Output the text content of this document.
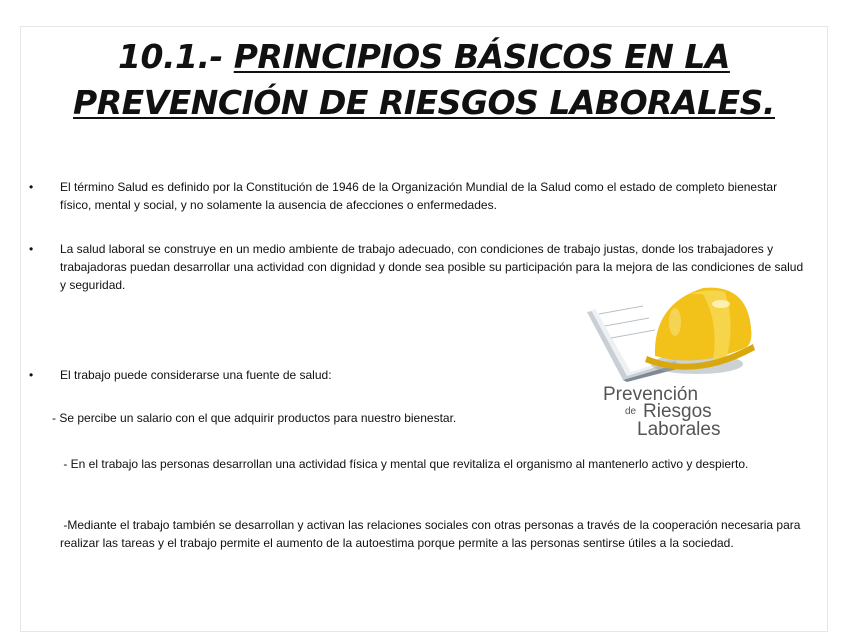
10.1.- PRINCIPIOS BÁSICOS EN LA
PREVENCIÓN DE RIESGOS LABORALES.
• El término Salud es definido por la Constitución de 1946 de la Organización Mundial de la Salud como el estado de completo bienestar físico, mental y social, y no solamente la ausencia de afecciones o enfermedades.

• La salud laboral se construye en un medio ambiente de trabajo adecuado, con condiciones de trabajo justas, donde los trabajadores y trabajadoras puedan desarrollar una actividad con dignidad y donde sea posible su participación para la mejora de las condiciones de salud y seguridad.

• El trabajo puede considerarse una fuente de salud:

- Se percibe un salario con el que adquirir productos para nuestro bienestar.

- En el trabajo las personas desarrollan una actividad física y mental que revitaliza el organismo al mantenerlo activo y despierto.

-Mediante el trabajo también se desarrollan y activan las relaciones sociales con otras personas a través de la cooperación necesaria para realizar las tareas y el trabajo permite el aumento de la autoestima porque permite a las personas sentirse útiles a la sociedad.

Prevención
de Riesgos
Laborales
